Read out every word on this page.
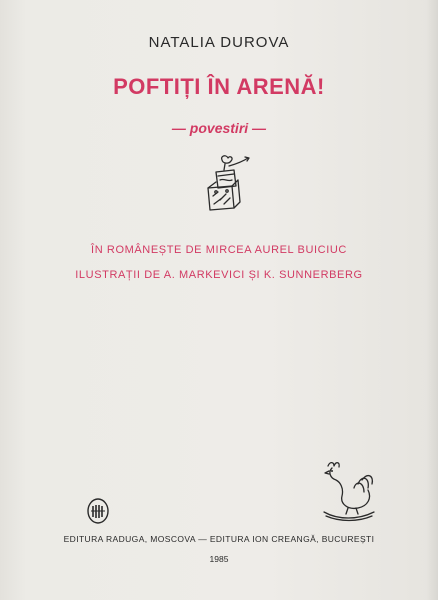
NATALIA DUROVA
POFTIȚI ÎN ARENĂ!
— povestiri —
ÎN ROMÂNEȘTE DE MIRCEA AUREL BUICIUC
ILUSTRAȚII DE A. MARKEVICI ȘI K. SUNNERBERG
EDITURA RADUGA, MOSCOVA — EDITURA ION CREANGĂ, BUCUREȘTI
1985
